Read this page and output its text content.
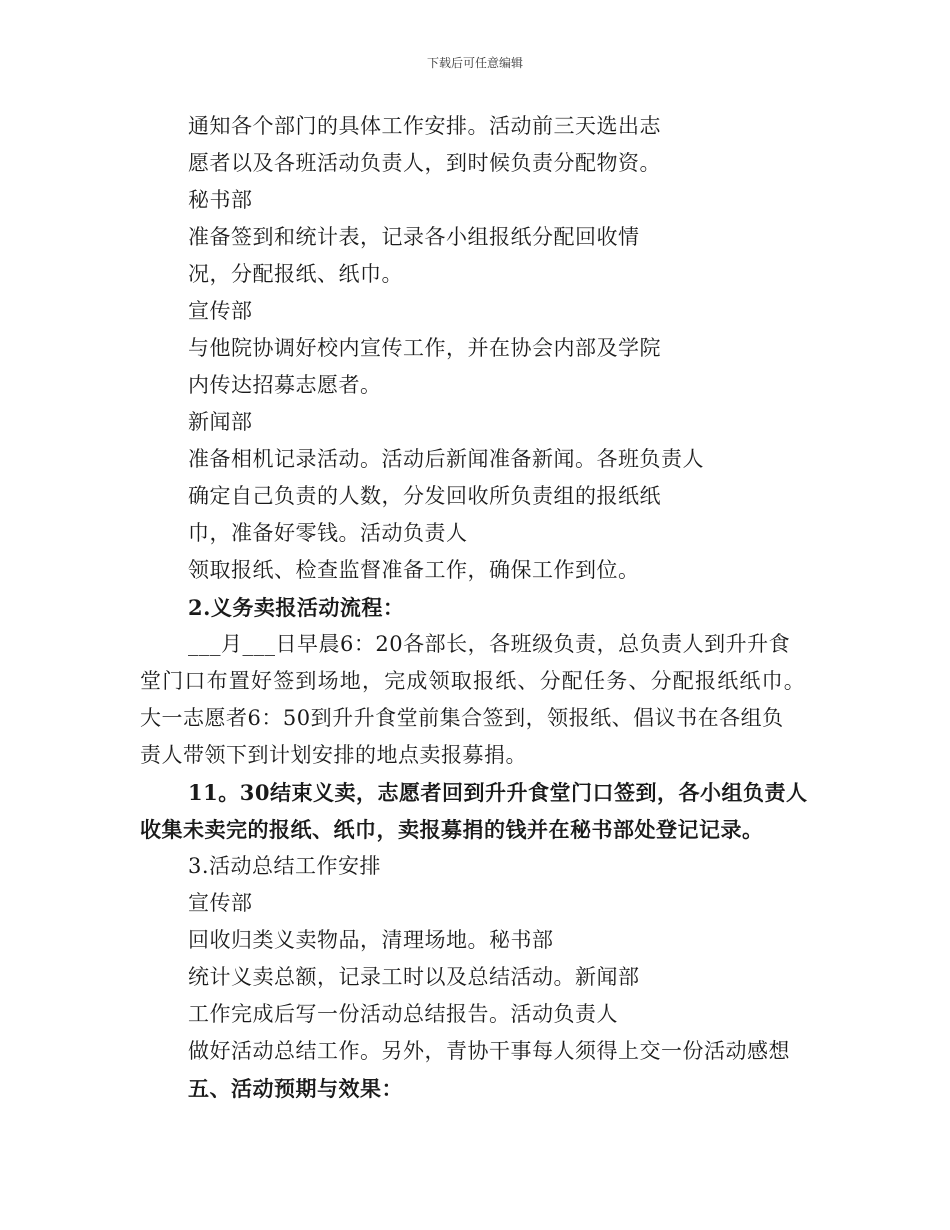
下载后可任意编辑
通知各个部门的具体工作安排。活动前三天选出志
愿者以及各班活动负责人，到时候负责分配物资。
秘书部
准备签到和统计表，记录各小组报纸分配回收情
况，分配报纸、纸巾。
宣传部
与他院协调好校内宣传工作，并在协会内部及学院
内传达招募志愿者。
新闻部
准备相机记录活动。活动后新闻准备新闻。各班负责人
确定自己负责的人数，分发回收所负责组的报纸纸
巾，准备好零钱。活动负责人
领取报纸、检查监督准备工作，确保工作到位。
2.义务卖报活动流程：
___月___日早晨6：20各部长，各班级负责，总负责人到升升食
堂门口布置好签到场地，完成领取报纸、分配任务、分配报纸纸巾。
大一志愿者6：50到升升食堂前集合签到，领报纸、倡议书在各组负
责人带领下到计划安排的地点卖报募捐。
11。30结束义卖，志愿者回到升升食堂门口签到，各小组负责人
收集未卖完的报纸、纸巾，卖报募捐的钱并在秘书部处登记记录。
3.活动总结工作安排
宣传部
回收归类义卖物品，清理场地。秘书部
统计义卖总额，记录工时以及总结活动。新闻部
工作完成后写一份活动总结报告。活动负责人
做好活动总结工作。另外，青协干事每人须得上交一份活动感想
五、活动预期与效果：
